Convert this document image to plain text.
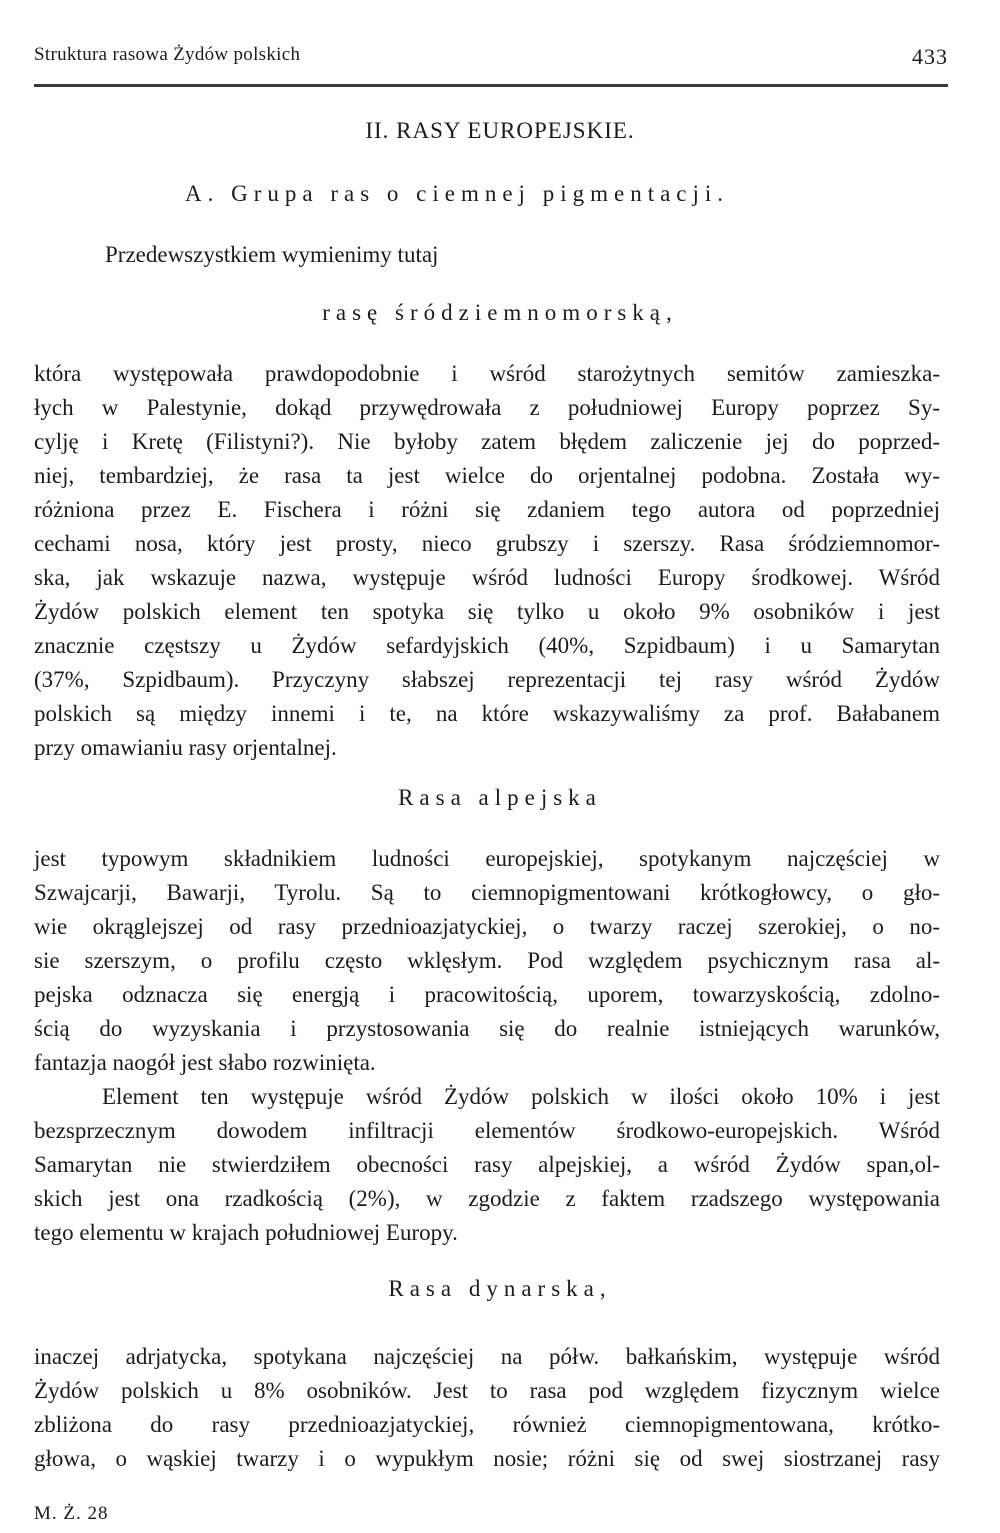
Struktura rasowa Żydów polskich	433
II. RASY EUROPEJSKIE.
A. Grupa ras o ciemnej pigmentacji.
Przedewszystkiem wymienimy tutaj
rasę śródziemnomorską,
która występowała prawdopodobnie i wśród starożytnych semitów zamieszka-
łych w Palestynie, dokąd przywędrowała z południowej Europy poprzez Sy-
cylję i Kretę (Filistyni?). Nie byłoby zatem błędem zaliczenie jej do poprzed-
niej, tembardziej, że rasa ta jest wielce do orjentalnej podobna. Została wy-
różniona przez E. Fischera i różni się zdaniem tego autora od poprzedniej
cechami nosa, który jest prosty, nieco grubszy i szerszy. Rasa śródziemnomor-
ska, jak wskazuje nazwa, występuje wśród ludności Europy środkowej. Wśród
Żydów polskich element ten spotyka się tylko u około 9% osobników i jest
znacznie częstszy u Żydów sefardyjskich (40%, Szpidbaum) i u Samarytan
(37%, Szpidbaum). Przyczyny słabszej reprezentacji tej rasy wśród Żydów
polskich są między innemi i te, na które wskazywaliśmy za prof. Bałabanem
przy omawianiu rasy orjentalnej.
Rasa alpejska
jest typowym składnikiem ludności europejskiej, spotykanym najczęściej w
Szwajcarji, Bawarji, Tyrolu. Są to ciemnopigmentowani krótkogłowcy, o gło-
wie okrąglejszej od rasy przednioazjatyckiej, o twarzy raczej szerokiej, o no-
sie szerszym, o profilu często wklęsłym. Pod względem psychicznym rasa al-
pejska odznacza się energją i pracowitością, uporem, towarzyskością, zdolno-
ścią do wyzyskania i przystosowania się do realnie istniejących warunków,
fantazja naogół jest słabo rozwinięta.
Element ten występuje wśród Żydów polskich w ilości około 10% i jest
bezsprzecznym dowodem infiltracji elementów środkowo-europejskich. Wśród
Samarytan nie stwierdziłem obecności rasy alpejskiej, a wśród Żydów span,ol-
skich jest ona rzadkością (2%), w zgodzie z faktem rzadszego występowania
tego elementu w krajach południowej Europy.
Rasa dynarska,
inaczej adrjatycka, spotykana najczęściej na półw. bałkańskim, występuje wśród
Żydów polskich u 8% osobników. Jest to rasa pod względem fizycznym wielce
zbliżona do rasy przednioazjatyckiej, również ciemnopigmentowana, krótko-
głowa, o wąskiej twarzy i o wypukłym nosie; różni się od swej siostrzanej rasy
M. Ż. 28
